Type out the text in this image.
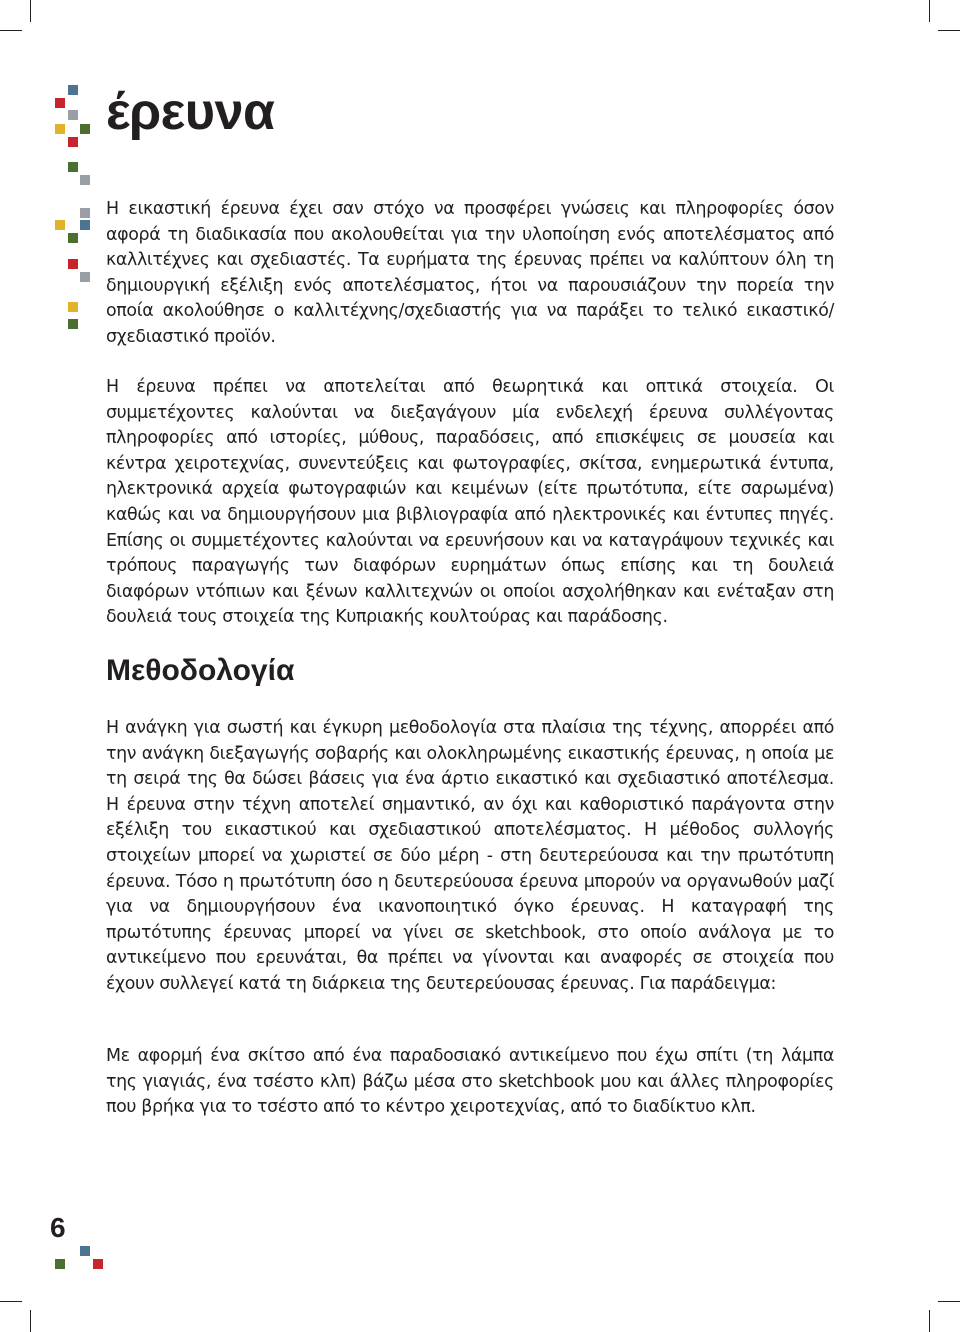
έρευνα

Η εικαστική έρευνα έχει σαν στόχο να προσφέρει γνώσεις και πληροφορίες όσον αφορά τη διαδικασία που ακολουθείται για την υλοποίηση ενός αποτελέσματος από καλλιτέχνες και σχεδιαστές. Τα ευρήματα της έρευνας πρέπει να καλύπτουν όλη τη δημιουργική εξέλιξη ενός αποτελέσματος, ήτοι να παρουσιάζουν την πορεία την οποία ακολούθησε ο καλλιτέχνης/σχεδιαστής για να παράξει το τελικό εικαστικό/σχεδιαστικό προϊόν.

Η έρευνα πρέπει να αποτελείται από θεωρητικά και οπτικά στοιχεία. Οι συμμετέχοντες καλούνται να διεξαγάγουν μία ενδελεχή έρευνα συλλέγοντας πληροφορίες από ιστορίες, μύθους, παραδόσεις, από επισκέψεις σε μουσεία και κέντρα χειροτεχνίας, συνεντεύξεις και φωτογραφίες, σκίτσα, ενημερωτικά έντυπα, ηλεκτρονικά αρχεία φωτογραφιών και κειμένων (είτε πρωτότυπα, είτε σαρωμένα) καθώς και να δημιουργήσουν μια βιβλιογραφία από ηλεκτρονικές και έντυπες πηγές. Επίσης οι συμμετέχοντες καλούνται να ερευνήσουν και να καταγράψουν τεχνικές και τρόπους παραγωγής των διαφόρων ευρημάτων όπως επίσης και τη δουλειά διαφόρων ντόπιων και ξένων καλλιτεχνών οι οποίοι ασχολήθηκαν και ενέταξαν στη δουλειά τους στοιχεία της Κυπριακής κουλτούρας και παράδοσης.

Μεθοδολογία

Η ανάγκη για σωστή και έγκυρη μεθοδολογία στα πλαίσια της τέχνης, απορρέει από την ανάγκη διεξαγωγής σοβαρής και ολοκληρωμένης εικαστικής έρευνας, η οποία με τη σειρά της θα δώσει βάσεις για ένα άρτιο εικαστικό και σχεδιαστικό αποτέλεσμα. Η έρευνα στην τέχνη αποτελεί σημαντικό, αν όχι και καθοριστικό παράγοντα στην εξέλιξη του εικαστικού και σχεδιαστικού αποτελέσματος. Η μέθοδος συλλογής στοιχείων μπορεί να χωριστεί σε δύο μέρη - στη δευτερεύουσα και την πρωτότυπη έρευνα. Τόσο η πρωτότυπη όσο η δευτερεύουσα έρευνα μπορούν να οργανωθούν μαζί για να δημιουργήσουν ένα ικανοποιητικό όγκο έρευνας. Η καταγραφή της πρωτότυπης έρευνας μπορεί να γίνει σε sketchbook, στο οποίο ανάλογα με το αντικείμενο που ερευνάται, θα πρέπει να γίνονται και αναφορές σε στοιχεία που έχουν συλλεγεί κατά τη διάρκεια της δευτερεύουσας έρευνας. Για παράδειγμα:

Με αφορμή ένα σκίτσο από ένα παραδοσιακό αντικείμενο που έχω σπίτι (τη λάμπα της γιαγιάς, ένα τσέστο κλπ) βάζω μέσα στο sketchbook μου και άλλες πληροφορίες που βρήκα για το τσέστο από το κέντρο χειροτεχνίας, από το διαδίκτυο κλπ.

6
